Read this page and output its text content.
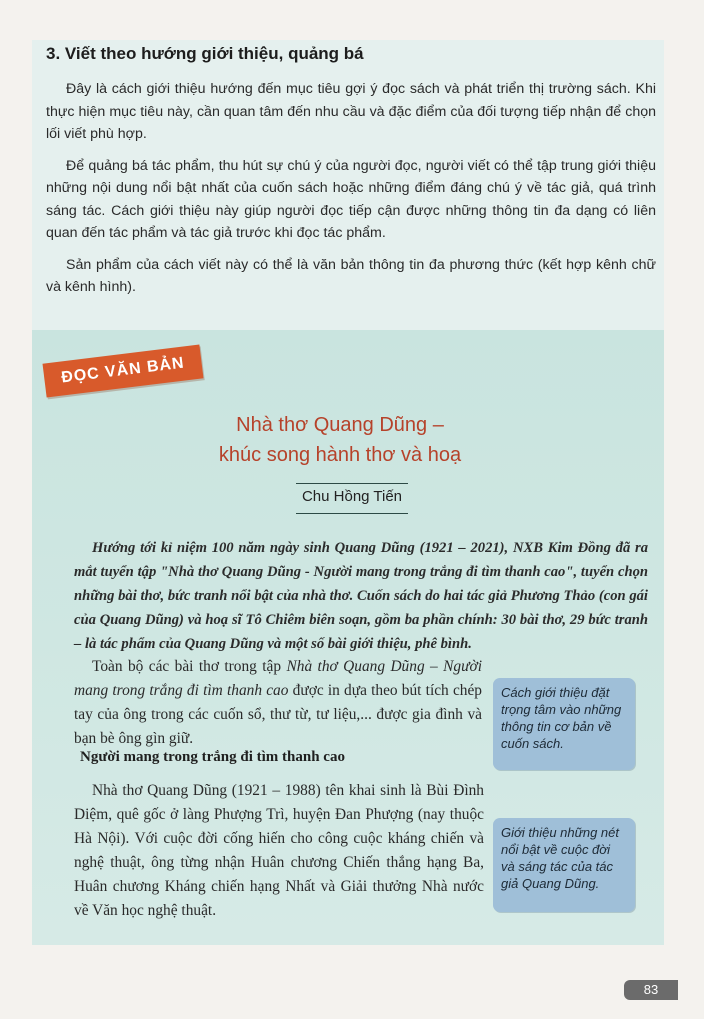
3. Viết theo hướng giới thiệu, quảng bá

Đây là cách giới thiệu hướng đến mục tiêu gợi ý đọc sách và phát triển thị trường sách. Khi thực hiện mục tiêu này, cần quan tâm đến nhu cầu và đặc điểm của đối tượng tiếp nhận để chọn lối viết phù hợp.

Để quảng bá tác phẩm, thu hút sự chú ý của người đọc, người viết có thể tập trung giới thiệu những nội dung nổi bật nhất của cuốn sách hoặc những điểm đáng chú ý về tác giả, quá trình sáng tác. Cách giới thiệu này giúp người đọc tiếp cận được những thông tin đa dạng có liên quan đến tác phẩm và tác giả trước khi đọc tác phẩm.

Sản phẩm của cách viết này có thể là văn bản thông tin đa phương thức (kết hợp kênh chữ và kênh hình).

ĐỌC VĂN BẢN
Nhà thơ Quang Dũng –
khúc song hành thơ và hoạ
Chu Hồng Tiến

Hướng tới kỉ niệm 100 năm ngày sinh Quang Dũng (1921 – 2021), NXB Kim Đồng đã ra mắt tuyển tập "Nhà thơ Quang Dũng - Người mang trong trắng đi tìm thanh cao", tuyển chọn những bài thơ, bức tranh nổi bật của nhà thơ. Cuốn sách do hai tác giả Phương Thảo (con gái của Quang Dũng) và hoạ sĩ Tô Chiêm biên soạn, gồm ba phần chính: 30 bài thơ, 29 bức tranh – là tác phẩm của Quang Dũng và một số bài giới thiệu, phê bình.

Toàn bộ các bài thơ trong tập Nhà thơ Quang Dũng – Người mang trong trắng đi tìm thanh cao được in dựa theo bút tích chép tay của ông trong các cuốn sổ, thư từ, tư liệu,... được gia đình và bạn bè ông gìn giữ.

Cách giới thiệu đặt trọng tâm vào những thông tin cơ bản về cuốn sách.

Người mang trong trắng đi tìm thanh cao

Nhà thơ Quang Dũng (1921 – 1988) tên khai sinh là Bùi Đình Diệm, quê gốc ở làng Phượng Trì, huyện Đan Phượng (nay thuộc Hà Nội). Với cuộc đời cống hiến cho công cuộc kháng chiến và nghệ thuật, ông từng nhận Huân chương Chiến thắng hạng Ba, Huân chương Kháng chiến hạng Nhất và Giải thưởng Nhà nước về Văn học nghệ thuật.

Giới thiệu những nét nổi bật về cuộc đời và sáng tác của tác giả Quang Dũng.
83
